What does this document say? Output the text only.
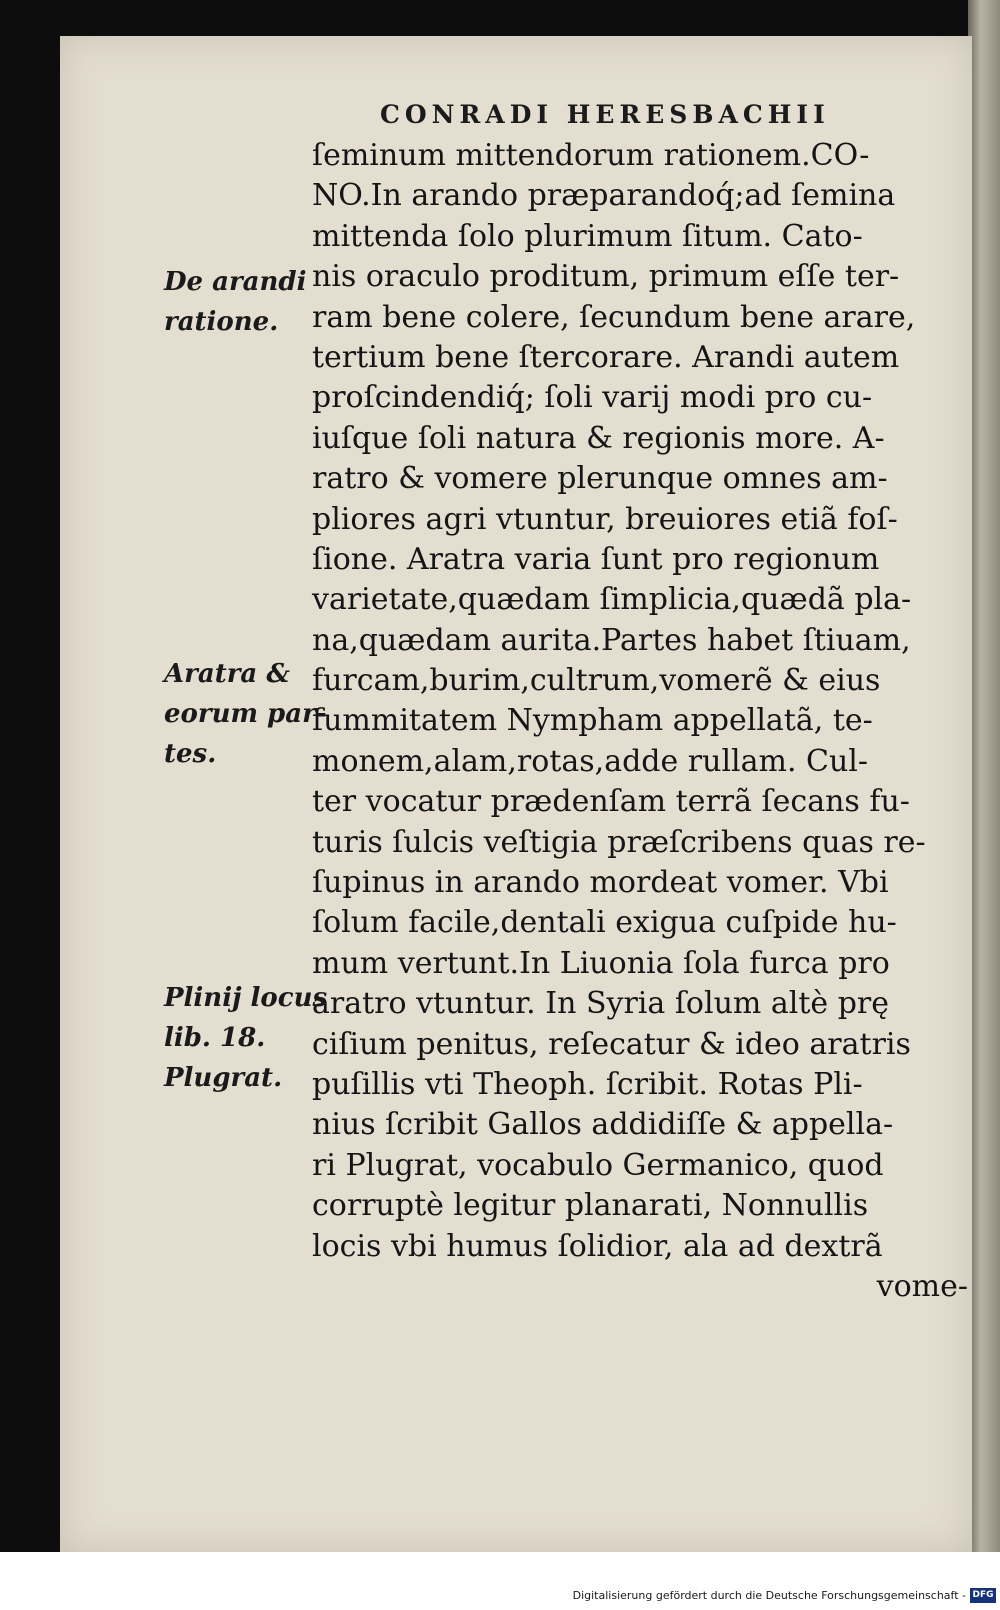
CONRADI HERESBACHII
ſeminum mittendorum rationem.CO-
NO.In arando præparandoq́;ad ſemina
mittenda ſolo plurimum ſitum. Cato-
nis oraculo proditum, primum eſſe ter-
ram bene colere, ſecundum bene arare,
tertium bene ſtercorare. Arandi autem
proſcindendiq́; ſoli varij modi pro cu-
iuſque ſoli natura & regionis more. A-
ratro & vomere plerunque omnes am-
pliores agri vtuntur, breuiores etiã foſ-
ſione. Aratra varia ſunt pro regionum
varietate,quædam ſimplicia,quædã pla-
na,quædam aurita.Partes habet ſtiuam,
furcam,burim,cultrum,vomerẽ & eius
ſummitatem Nympham appellatã, te-
monem,alam,rotas,adde rullam. Cul-
ter vocatur prædenſam terrã ſecans fu-
turis ſulcis veſtigia præſcribens quas re-
ſupinus in arando mordeat vomer. Vbi
ſolum facile,dentali exigua cuſpide hu-
mum vertunt.In Liuonia ſola furca pro
aratro vtuntur. In Syria ſolum altè prę
ciſium penitus, reſecatur & ideo aratris
puſillis vti Theoph. ſcribit. Rotas Pli-
nius ſcribit Gallos addidiſſe & appella-
ri Plugrat, vocabulo Germanico, quod
corruptè legitur planarati, Nonnullis
locis vbi humus ſolidior, ala ad dextrã
vome-
De arandi
ratione.
Aratra &
eorum par-
tes.
Plinij locus
lib. 18.
Plugrat.
Digitalisierung gefördert durch die Deutsche Forschungsgemeinschaft - DFG
